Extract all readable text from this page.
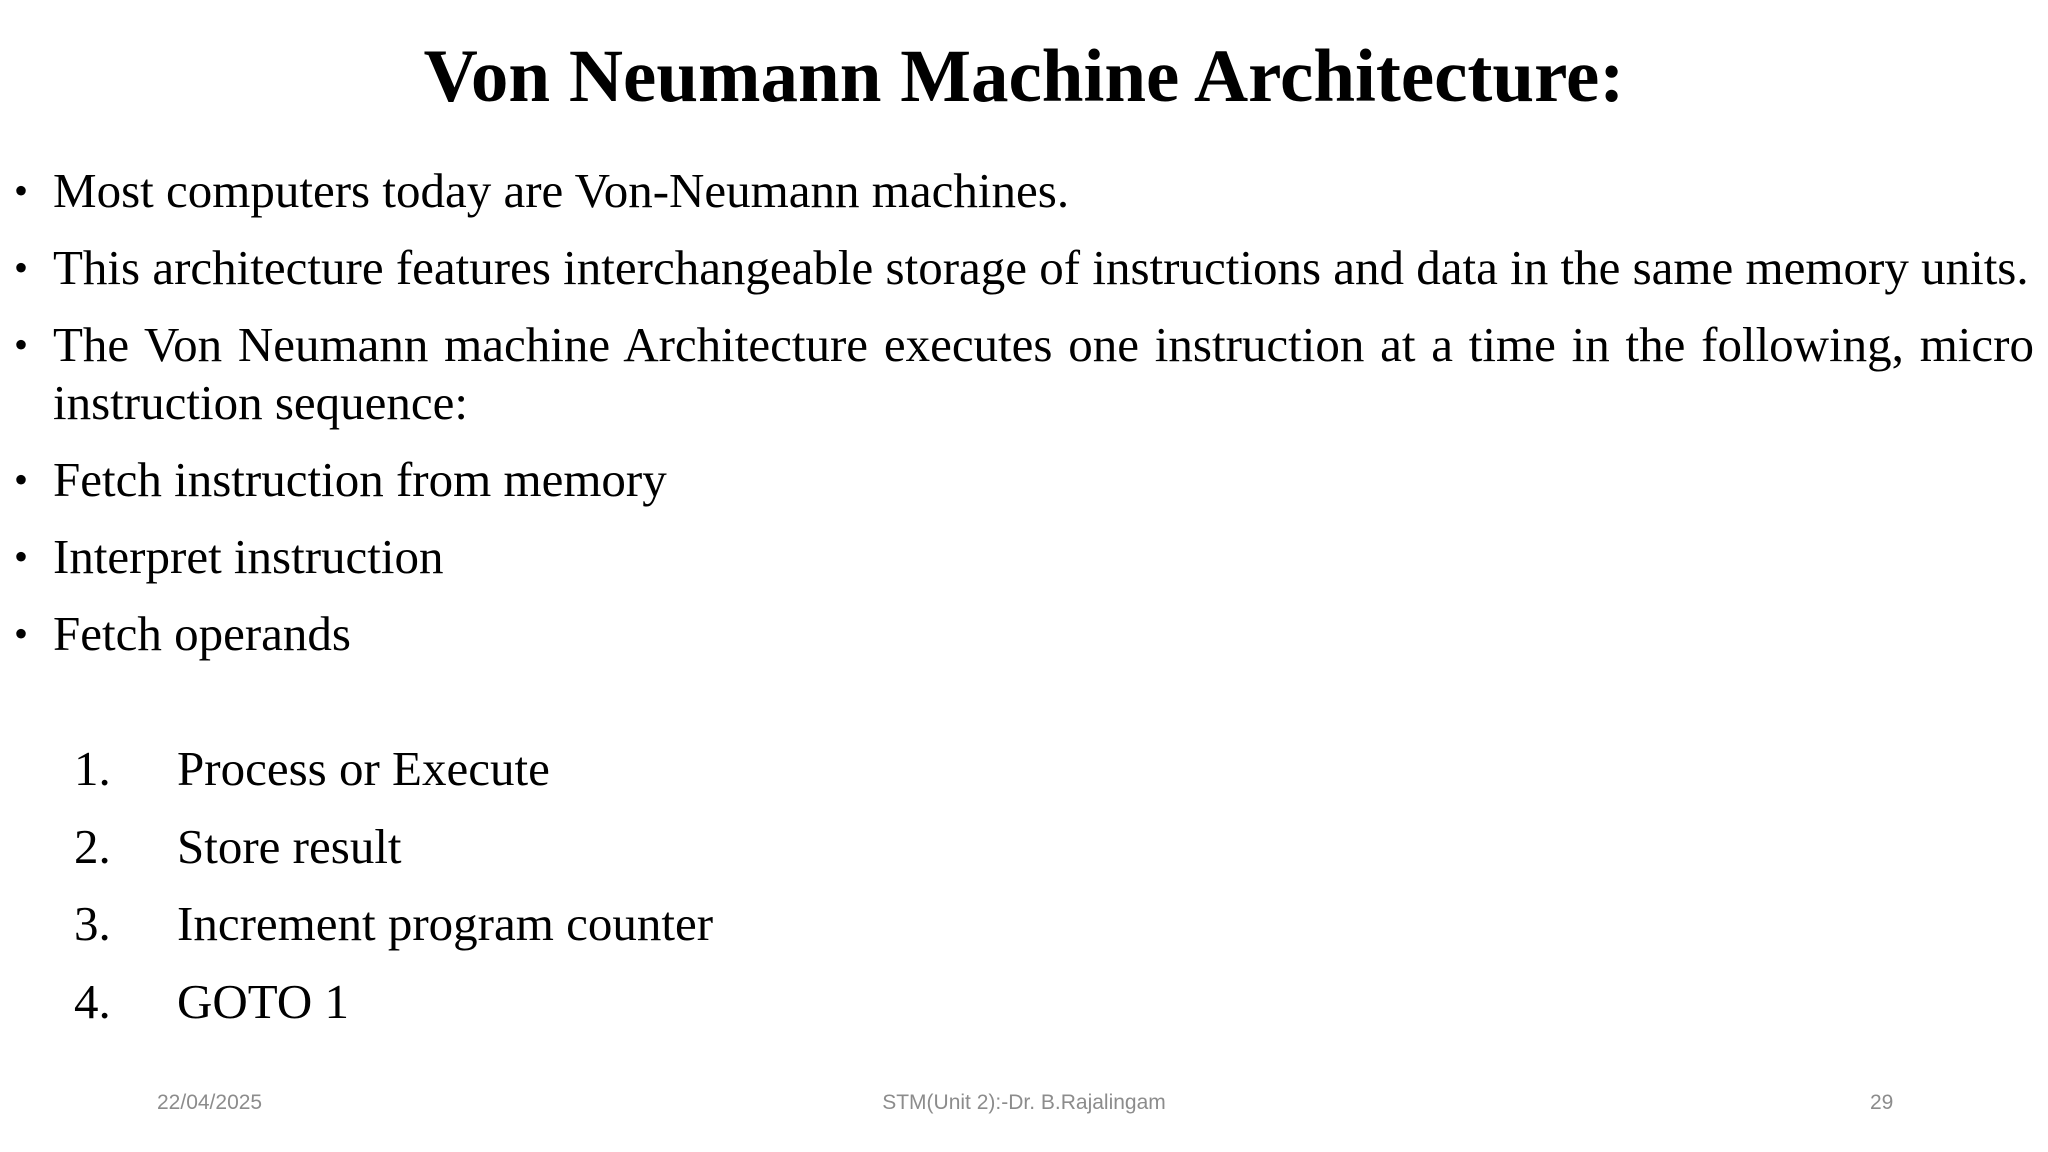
Von Neumann Machine Architecture:
• Most computers today are Von-Neumann machines.
• This architecture features interchangeable storage of instructions and data in the same memory units.
• The Von Neumann machine Architecture executes one instruction at a time in the following, micro instruction sequence:
• Fetch instruction from memory
• Interpret instruction
• Fetch operands
1. Process or Execute
2. Store result
3. Increment program counter
4. GOTO 1
22/04/2025	STM(Unit 2):-Dr. B.Rajalingam	29
